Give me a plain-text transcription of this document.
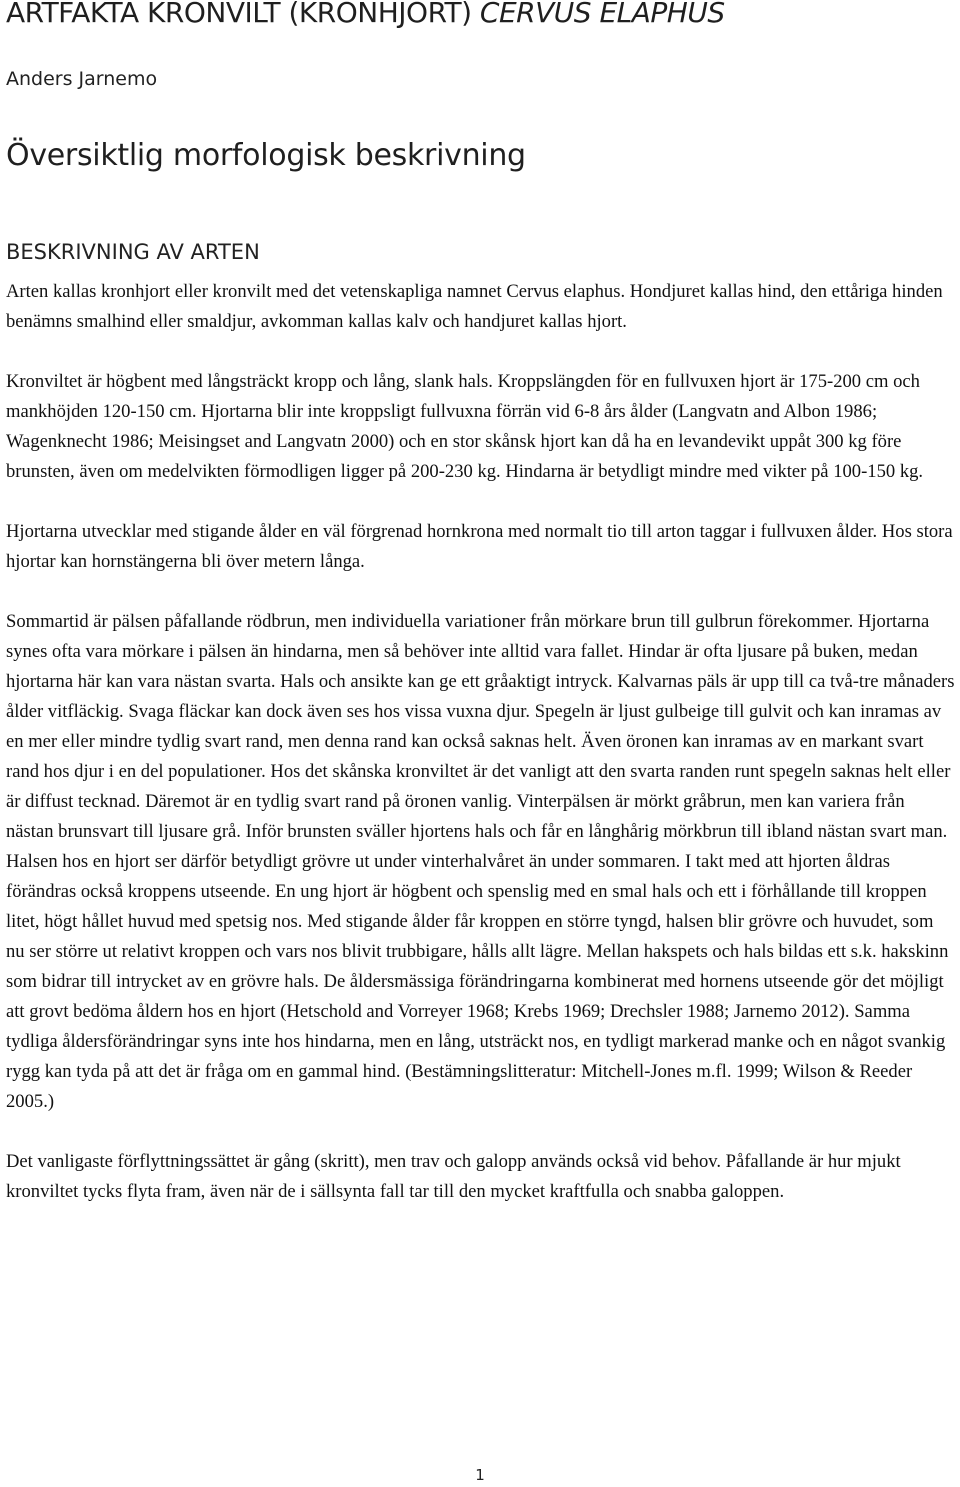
ARTFAKTA KRONVILT (KRONHJORT) CERVUS ELAPHUS
Anders Jarnemo
Översiktlig morfologisk beskrivning
BESKRIVNING AV ARTEN

Arten kallas kronhjort eller kronvilt med det vetenskapliga namnet Cervus elaphus. Hondjuret kallas hind, den ettåriga hinden benämns smalhind eller smaldjur, avkomman kallas kalv och handjuret kallas hjort.

Kronviltet är högbent med långsträckt kropp och lång, slank hals. Kroppslängden för en fullvuxen hjort är 175-200 cm och mankhöjden 120-150 cm. Hjortarna blir inte kroppsligt fullvuxna förrän vid 6-8 års ålder (Langvatn and Albon 1986; Wagenknecht 1986; Meisingset and Langvatn 2000) och en stor skånsk hjort kan då ha en levandevikt uppåt 300 kg före brunsten, även om medelvikten förmodligen ligger på 200-230 kg. Hindarna är betydligt mindre med vikter på 100-150 kg.

Hjortarna utvecklar med stigande ålder en väl förgrenad hornkrona med normalt tio till arton taggar i fullvuxen ålder. Hos stora hjortar kan hornstängerna bli över metern långa.

Sommartid är pälsen påfallande rödbrun, men individuella variationer från mörkare brun till gulbrun förekommer. Hjortarna synes ofta vara mörkare i pälsen än hindarna, men så behöver inte alltid vara fallet. Hindar är ofta ljusare på buken, medan hjortarna här kan vara nästan svarta. Hals och ansikte kan ge ett gråaktigt intryck. Kalvarnas päls är upp till ca två-tre månaders ålder vitfläckig. Svaga fläckar kan dock även ses hos vissa vuxna djur. Spegeln är ljust gulbeige till gulvit och kan inramas av en mer eller mindre tydlig svart rand, men denna rand kan också saknas helt. Även öronen kan inramas av en markant svart rand hos djur i en del populationer. Hos det skånska kronviltet är det vanligt att den svarta randen runt spegeln saknas helt eller är diffust tecknad. Däremot är en tydlig svart rand på öronen vanlig. Vinterpälsen är mörkt gråbrun, men kan variera från nästan brunsvart till ljusare grå. Inför brunsten sväller hjortens hals och får en långhårig mörkbrun till ibland nästan svart man. Halsen hos en hjort ser därför betydligt grövre ut under vinterhalvåret än under sommaren. I takt med att hjorten åldras förändras också kroppens utseende. En ung hjort är högbent och spenslig med en smal hals och ett i förhållande till kroppen litet, högt hållet huvud med spetsig nos. Med stigande ålder får kroppen en större tyngd, halsen blir grövre och huvudet, som nu ser större ut relativt kroppen och vars nos blivit trubbigare, hålls allt lägre. Mellan hakspets och hals bildas ett s.k. hakskinn som bidrar till intrycket av en grövre hals. De åldersmässiga förändringarna kombinerat med hornens utseende gör det möjligt att grovt bedöma åldern hos en hjort (Hetschold and Vorreyer 1968; Krebs 1969; Drechsler 1988; Jarnemo 2012). Samma tydliga åldersförändringar syns inte hos hindarna, men en lång, utsträckt nos, en tydligt markerad manke och en något svankig rygg kan tyda på att det är fråga om en gammal hind. (Bestämningslitteratur: Mitchell-Jones m.fl. 1999; Wilson & Reeder 2005.)

Det vanligaste förflyttningssättet är gång (skritt), men trav och galopp används också vid behov. Påfallande är hur mjukt kronviltet tycks flyta fram, även när de i sällsynta fall tar till den mycket kraftfulla och snabba galoppen.

1
